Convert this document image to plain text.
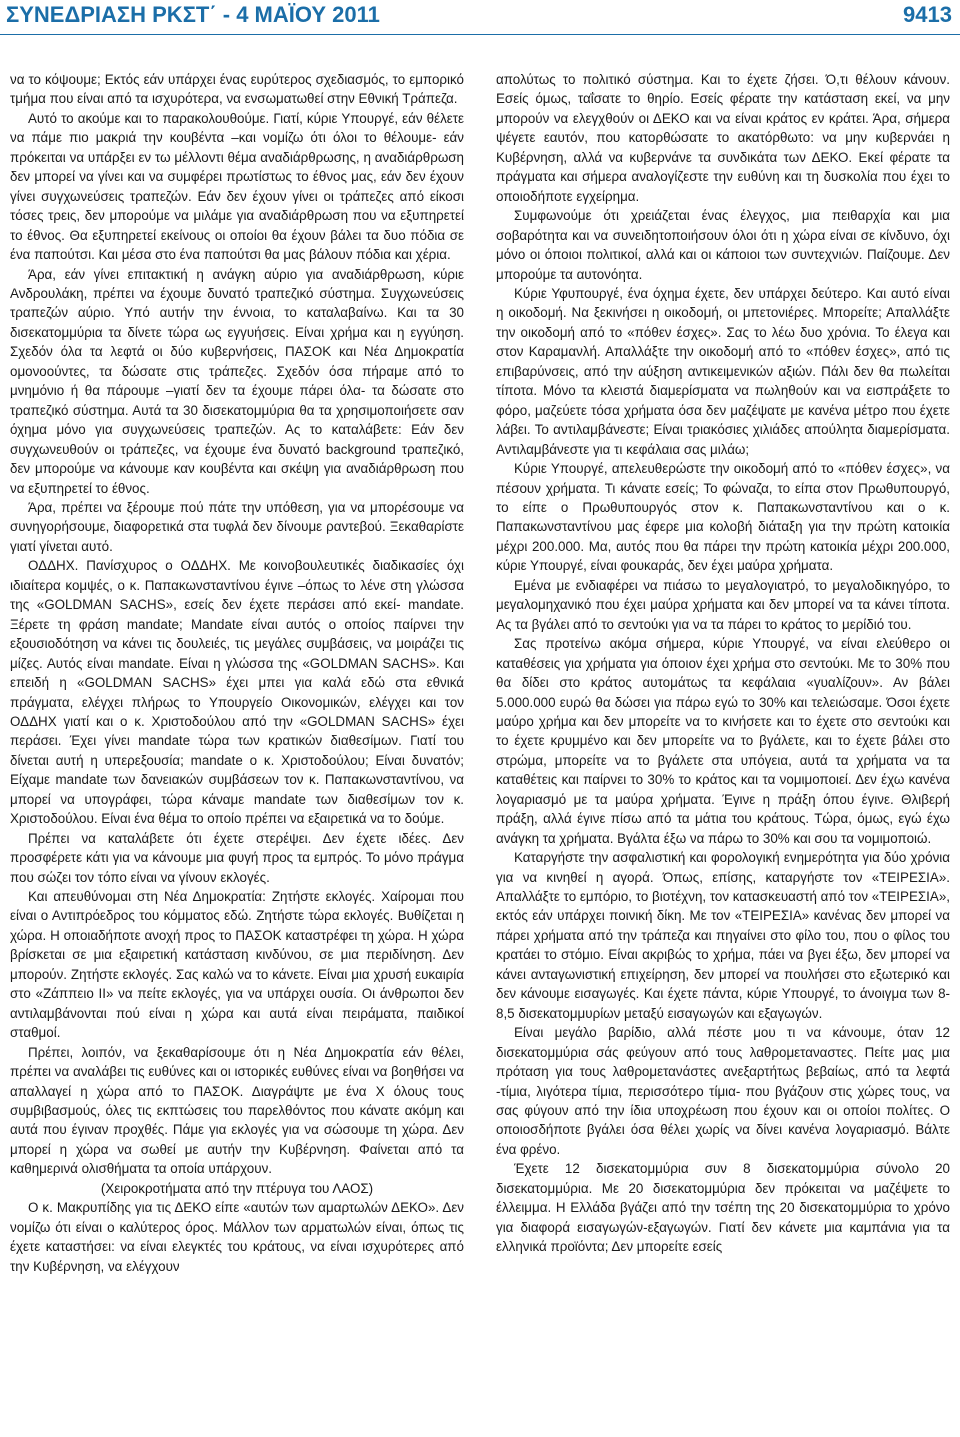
ΣΥΝΕΔΡΙΑΣΗ ΡΚΣΤ΄ - 4 ΜΑΪΟΥ 2011	9413

να το κόψουμε; Εκτός εάν υπάρχει ένας ευρύτερος σχεδιασμός, το εμπορικό τμήμα που είναι από τα ισχυρότερα, να ενσωματωθεί στην Εθνική Τράπεζα.

Αυτό το ακούμε και το παρακολουθούμε. Γιατί, κύριε Υπουργέ, εάν θέλετε να πάμε πιο μακριά την κουβέντα –και νομίζω ότι όλοι το θέλουμε- εάν πρόκειται να υπάρξει εν τω μέλλοντι θέμα αναδιάρθρωσης, η αναδιάρθρωση δεν μπορεί να γίνει και να συμφέρει πρωτίστως το έθνος μας, εάν δεν έχουν γίνει συγχωνεύσεις τραπεζών. Εάν δεν έχουν γίνει οι τράπεζες από είκοσι τόσες τρεις, δεν μπορούμε να μιλάμε για αναδιάρθρωση που να εξυπηρετεί το έθνος. Θα εξυπηρετεί εκείνους οι οποίοι θα έχουν βάλει τα δυο πόδια σε ένα παπούτσι. Και μέσα στο ένα παπούτσι θα μας βάλουν πόδια και χέρια.

Άρα, εάν γίνει επιτακτική η ανάγκη αύριο για αναδιάρθρωση, κύριε Ανδρουλάκη, πρέπει να έχουμε δυνατό τραπεζικό σύστημα. Συγχωνεύσεις τραπεζών αύριο. Υπό αυτήν την έννοια, το καταλαβαίνω. Και τα 30 δισεκατομμύρια τα δίνετε τώρα ως εγγυήσεις. Είναι χρήμα και η εγγύηση. Σχεδόν όλα τα λεφτά οι δύο κυβερνήσεις, ΠΑΣΟΚ και Νέα Δημοκρατία ομονοούντες, τα δώσατε στις τράπεζες. Σχεδόν όσα πήραμε από το μνημόνιο ή θα πάρουμε –γιατί δεν τα έχουμε πάρει όλα- τα δώσατε στο τραπεζικό σύστημα. Αυτά τα 30 δισεκατομμύρια θα τα χρησιμοποιήσετε σαν όχημα μόνο για συγχωνεύσεις τραπεζών. Ας το καταλάβετε: Εάν δεν συγχωνευθούν οι τράπεζες, να έχουμε ένα δυνατό background τραπεζικό, δεν μπορούμε να κάνουμε καν κουβέντα και σκέψη για αναδιάρθρωση που να εξυπηρετεί το έθνος.

Άρα, πρέπει να ξέρουμε πού πάτε την υπόθεση, για να μπορέσουμε να συνηγορήσουμε, διαφορετικά στα τυφλά δεν δίνουμε ραντεβού. Ξεκαθαρίστε γιατί γίνεται αυτό.

ΟΔΔΗΧ. Πανίσχυρος ο ΟΔΔΗΧ. Με κοινοβουλευτικές διαδικασίες όχι ιδιαίτερα κομψές, ο κ. Παπακωνσταντίνου έγινε –όπως το λένε στη γλώσσα της «GOLDMAN SACHS», εσείς δεν έχετε περάσει από εκεί- mandate. Ξέρετε τη φράση mandate; Mandate είναι αυτός ο οποίος παίρνει την εξουσιοδότηση να κάνει τις δουλειές, τις μεγάλες συμβάσεις, να μοιράζει τις μίζες. Αυτός είναι mandate. Είναι η γλώσσα της «GOLDMAN SACHS». Και επειδή η «GOLDMAN SACHS» έχει μπει για καλά εδώ στα εθνικά πράγματα, ελέγχει πλήρως το Υπουργείο Οικονομικών, ελέγχει και τον ΟΔΔΗΧ γιατί και ο κ. Χριστοδούλου από την «GOLDMAN SACHS» έχει περάσει. Έχει γίνει mandate τώρα των κρατικών διαθεσίμων. Γιατί του δίνεται αυτή η υπερεξουσία; mandate ο κ. Χριστοδούλου; Είναι δυνατόν; Είχαμε mandate των δανειακών συμβάσεων τον κ. Παπακωνσταντίνου, να μπορεί να υπογράφει, τώρα κάναμε mandate των διαθεσίμων τον κ. Χριστοδούλου. Είναι ένα θέμα το οποίο πρέπει να εξαιρετικά να το δούμε.

Πρέπει να καταλάβετε ότι έχετε στερέψει. Δεν έχετε ιδέες. Δεν προσφέρετε κάτι για να κάνουμε μια φυγή προς τα εμπρός. Το μόνο πράγμα που σώζει τον τόπο είναι να γίνουν εκλογές.

Και απευθύνομαι στη Νέα Δημοκρατία: Ζητήστε εκλογές. Χαίρομαι που είναι ο Αντιπρόεδρος του κόμματος εδώ. Ζητήστε τώρα εκλογές. Βυθίζεται η χώρα. Η οποιαδήποτε ανοχή προς το ΠΑΣΟΚ καταστρέφει τη χώρα. Η χώρα βρίσκεται σε μια εξαιρετική κατάσταση κινδύνου, σε μια περιδίνηση. Δεν μπορούν. Ζητήστε εκλογές. Σας καλώ να το κάνετε. Είναι μια χρυσή ευκαιρία στο «Ζάππειο ΙΙ» να πείτε εκλογές, για να υπάρχει ουσία. Οι άνθρωποι δεν αντιλαμβάνονται πού είναι η χώρα και αυτά είναι πειράματα, παιδικοί σταθμοί.

Πρέπει, λοιπόν, να ξεκαθαρίσουμε ότι η Νέα Δημοκρατία εάν θέλει, πρέπει να αναλάβει τις ευθύνες και οι ιστορικές ευθύνες είναι να βοηθήσει να απαλλαγεί η χώρα από το ΠΑΣΟΚ. Διαγράψτε με ένα Χ όλους τους συμβιβασμούς, όλες τις εκπτώσεις του παρελθόντος που κάνατε ακόμη και αυτά που έγιναν προχθές. Πάμε για εκλογές για να σώσουμε τη χώρα. Δεν μπορεί η χώρα να σωθεί με αυτήν την Κυβέρνηση. Φαίνεται από τα καθημερινά ολισθήματα τα οποία υπάρχουν.

(Χειροκροτήματα από την πτέρυγα του ΛΑΟΣ)

Ο κ. Μακρυπίδης για τις ΔΕΚΟ είπε «αυτών των αμαρτωλών ΔΕΚΟ». Δεν νομίζω ότι είναι ο καλύτερος όρος. Μάλλον των αρματωλών είναι, όπως τις έχετε καταστήσει: να είναι ελεγκτές του κράτους, να είναι ισχυρότερες από την Κυβέρνηση, να ελέγχουν

απολύτως το πολιτικό σύστημα. Και το έχετε ζήσει. Ό,τι θέλουν κάνουν. Εσείς όμως, ταΐσατε το θηρίο. Εσείς φέρατε την κατάσταση εκεί, να μην μπορούν να ελεγχθούν οι ΔΕΚΟ και να είναι κράτος εν κράτει. Άρα, σήμερα ψέγετε εαυτόν, που κατορθώσατε το ακατόρθωτο: να μην κυβερνάει η Κυβέρνηση, αλλά να κυβερνάνε τα συνδικάτα των ΔΕΚΟ. Εκεί φέρατε τα πράγματα και σήμερα αναλογίζεστε την ευθύνη και τη δυσκολία που έχει το οποιοδήποτε εγχείρημα.

Συμφωνούμε ότι χρειάζεται ένας έλεγχος, μια πειθαρχία και μια σοβαρότητα και να συνειδητοποιήσουν όλοι ότι η χώρα είναι σε κίνδυνο, όχι μόνο οι όποιοι πολιτικοί, αλλά και οι κάποιοι των συντεχνιών. Παίζουμε. Δεν μπορούμε τα αυτονόητα.

Κύριε Υφυπουργέ, ένα όχημα έχετε, δεν υπάρχει δεύτερο. Και αυτό είναι η οικοδομή. Να ξεκινήσει η οικοδομή, οι μπετονιέρες. Μπορείτε; Απαλλάξτε την οικοδομή από το «πόθεν έσχες». Σας το λέω δυο χρόνια. Το έλεγα και στον Καραμανλή. Απαλλάξτε την οικοδομή από το «πόθεν έσχες», από τις επιβαρύνσεις, από την αύξηση αντικειμενικών αξιών. Πάλι δεν θα πωλείται τίποτα. Μόνο τα κλειστά διαμερίσματα να πωληθούν και να εισπράξετε το φόρο, μαζεύετε τόσα χρήματα όσα δεν μαζέψατε με κανένα μέτρο που έχετε λάβει. Το αντιλαμβάνεστε; Είναι τριακόσιες χιλιάδες απούλητα διαμερίσματα. Αντιλαμβάνεστε για τι κεφάλαια σας μιλάω;

Κύριε Υπουργέ, απελευθερώστε την οικοδομή από το «πόθεν έσχες», να πέσουν χρήματα. Τι κάνατε εσείς; Το φώναζα, το είπα στον Πρωθυπουργό, το είπε ο Πρωθυπουργός στον κ. Παπακωνσταντίνου και ο κ. Παπακωνσταντίνου μας έφερε μια κολοβή διάταξη για την πρώτη κατοικία μέχρι 200.000. Μα, αυτός που θα πάρει την πρώτη κατοικία μέχρι 200.000, κύριε Υπουργέ, είναι φουκαράς, δεν έχει μαύρα χρήματα.

Εμένα με ενδιαφέρει να πιάσω το μεγαλογιατρό, το μεγαλοδικηγόρο, το μεγαλομηχανικό που έχει μαύρα χρήματα και δεν μπορεί να τα κάνει τίποτα. Ας τα βγάλει από το σεντούκι για να τα πάρει το κράτος το μερίδιό του.

Σας προτείνω ακόμα σήμερα, κύριε Υπουργέ, να είναι ελεύθερο οι καταθέσεις για χρήματα για όποιον έχει χρήμα στο σεντούκι. Με το 30% που θα δίδει στο κράτος αυτομάτως τα κεφάλαια «γυαλίζουν». Αν βάλει 5.000.000 ευρώ θα δώσει για πάρω εγώ το 30% και τελειώσαμε. Όσοι έχετε μαύρο χρήμα και δεν μπορείτε να το κινήσετε και το έχετε στο σεντούκι και το έχετε κρυμμένο και δεν μπορείτε να το βγάλετε, και το έχετε βάλει στο στρώμα, μπορείτε να το βγάλετε στα υπόγεια, αυτά τα χρήματα να τα καταθέτεις και παίρνει το 30% το κράτος και τα νομιμοποιεί. Δεν έχω κανένα λογαριασμό με τα μαύρα χρήματα. Έγινε η πράξη όπου έγινε. Θλιβερή πράξη, αλλά έγινε πίσω από τα μάτια του κράτους. Τώρα, όμως, εγώ έχω ανάγκη τα χρήματα. Βγάλτα έξω να πάρω το 30% και σου τα νομιμοποιώ.

Καταργήστε την ασφαλιστική και φορολογική ενημερότητα για δύο χρόνια για να κινηθεί η αγορά. Όπως, επίσης, καταργήστε τον «ΤΕΙΡΕΣΙΑ». Απαλλάξτε το εμπόριο, το βιοτέχνη, τον κατασκευαστή από τον «ΤΕΙΡΕΣΙΑ», εκτός εάν υπάρχει ποινική δίκη. Με τον «ΤΕΙΡΕΣΙΑ» κανένας δεν μπορεί να πάρει χρήματα από την τράπεζα και πηγαίνει στο φίλο του, που ο φίλος του κρατάει το στόμιο. Είναι ακριβώς το χρήμα, πάει να βγει έξω, δεν μπορεί να κάνει ανταγωνιστική επιχείρηση, δεν μπορεί να πουλήσει στο εξωτερικό και δεν κάνουμε εισαγωγές. Και έχετε πάντα, κύριε Υπουργέ, το άνοιγμα των 8-8,5 δισεκατομμυρίων μεταξύ εισαγωγών και εξαγωγών.

Είναι μεγάλο βαρίδιο, αλλά πέστε μου τι να κάνουμε, όταν 12 δισεκατομμύρια σάς φεύγουν από τους λαθρομεταναστες. Πείτε μας μια πρόταση για τους λαθρομετανάστες ανεξαρτήτως βεβαίως, από τα λεφτά -τίμια, λιγότερα τίμια, περισσότερο τίμια- που βγάζουν στις χώρες τους, να σας φύγουν από την ίδια υποχρέωση που έχουν και οι οποίοι πολίτες. Ο οποιοσδήποτε βγάλει όσα θέλει χωρίς να δίνει κανένα λογαριασμό. Βάλτε ένα φρένο.

Έχετε 12 δισεκατομμύρια συν 8 δισεκατομμύρια σύνολο 20 δισεκατομμύρια. Με 20 δισεκατομμύρια δεν πρόκειται να μαζέψετε το έλλειμμα. Η Ελλάδα βγάζει από την τσέπη της 20 δισεκατομμύρια το χρόνο για διαφορά εισαγωγών-εξαγωγών. Γιατί δεν κάνετε μια καμπάνια για τα ελληνικά προϊόντα; Δεν μπορείτε εσείς
